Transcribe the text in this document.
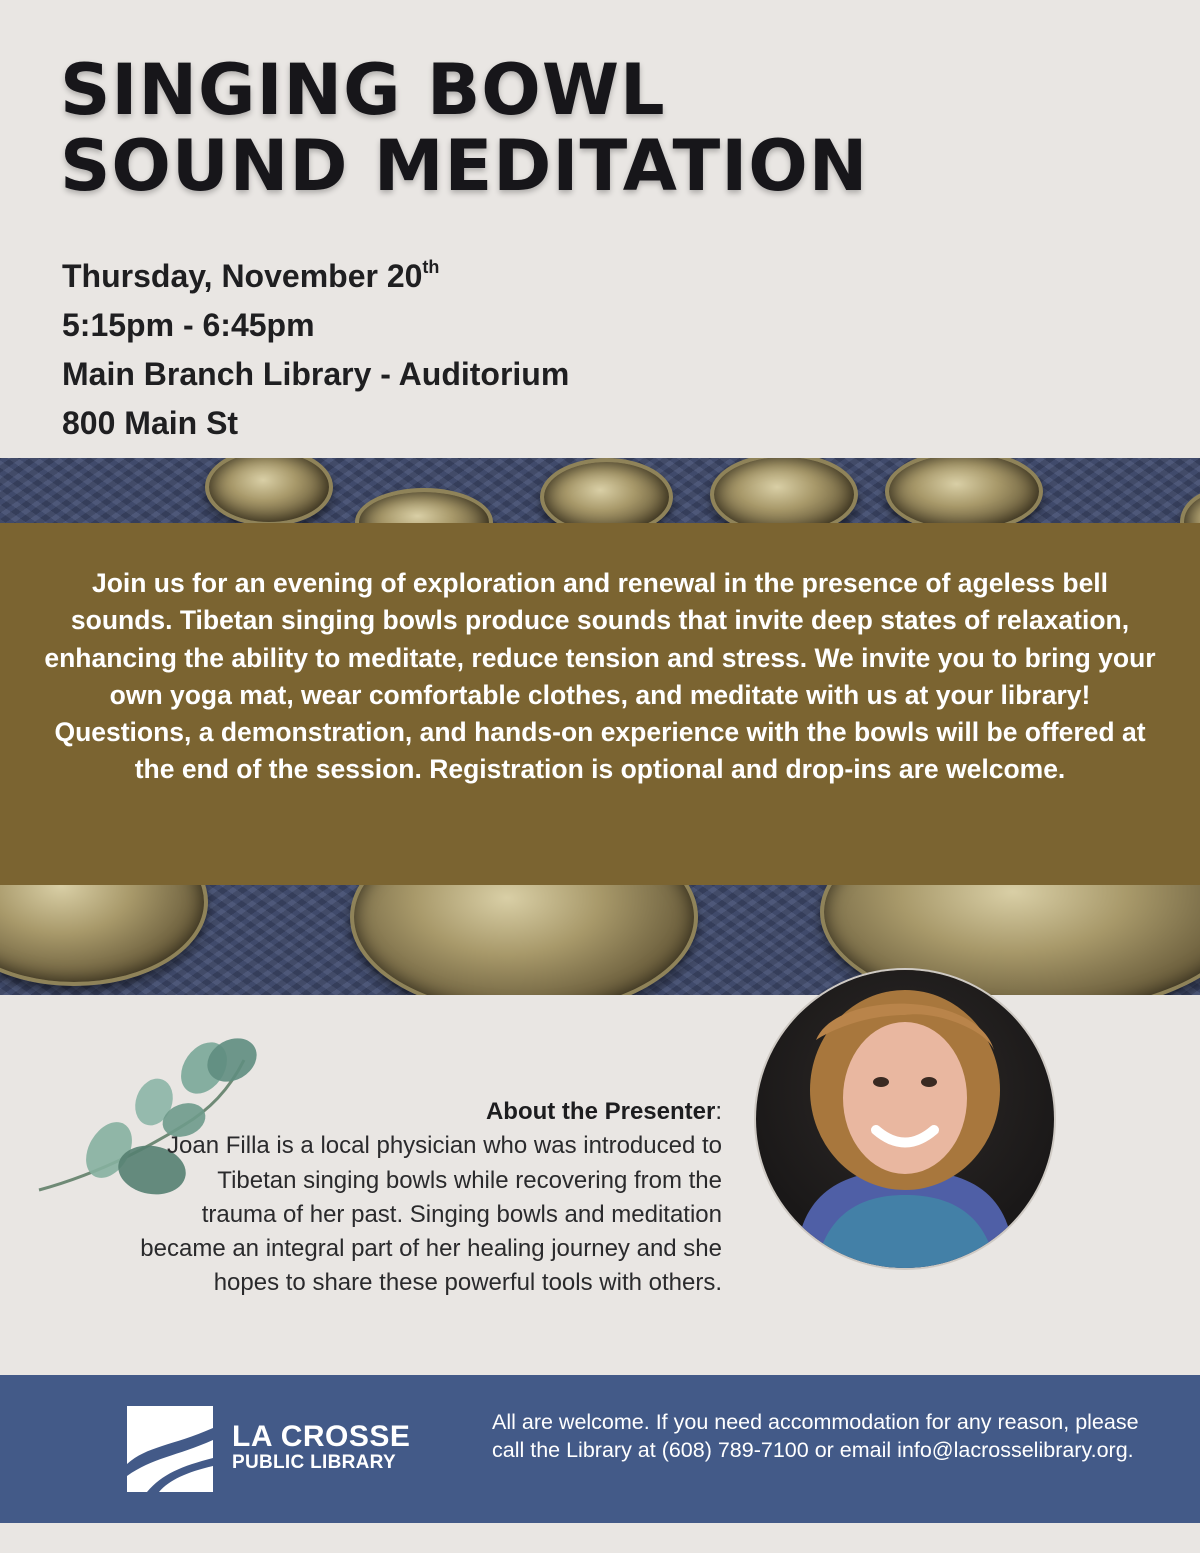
SINGING BOWL
SOUND MEDITATION
Thursday, November 20th
5:15pm - 6:45pm
Main Branch Library - Auditorium
800 Main St

Join us for an evening of exploration and renewal in the presence of ageless bell sounds. Tibetan singing bowls produce sounds that invite deep states of relaxation, enhancing the ability to meditate, reduce tension and stress. We invite you to bring your own yoga mat, wear comfortable clothes, and meditate with us at your library! Questions, a demonstration, and hands-on experience with the bowls will be offered at the end of the session. Registration is optional and drop-ins are welcome.

About the Presenter:
Joan Filla is a local physician who was introduced to Tibetan singing bowls while recovering from the trauma of her past. Singing bowls and meditation became an integral part of her healing journey and she hopes to share these powerful tools with others.
LA CROSSE
PUBLIC LIBRARY
All are welcome. If you need accommodation for any reason, please call the Library at (608) 789-7100 or email info@lacrosselibrary.org.
